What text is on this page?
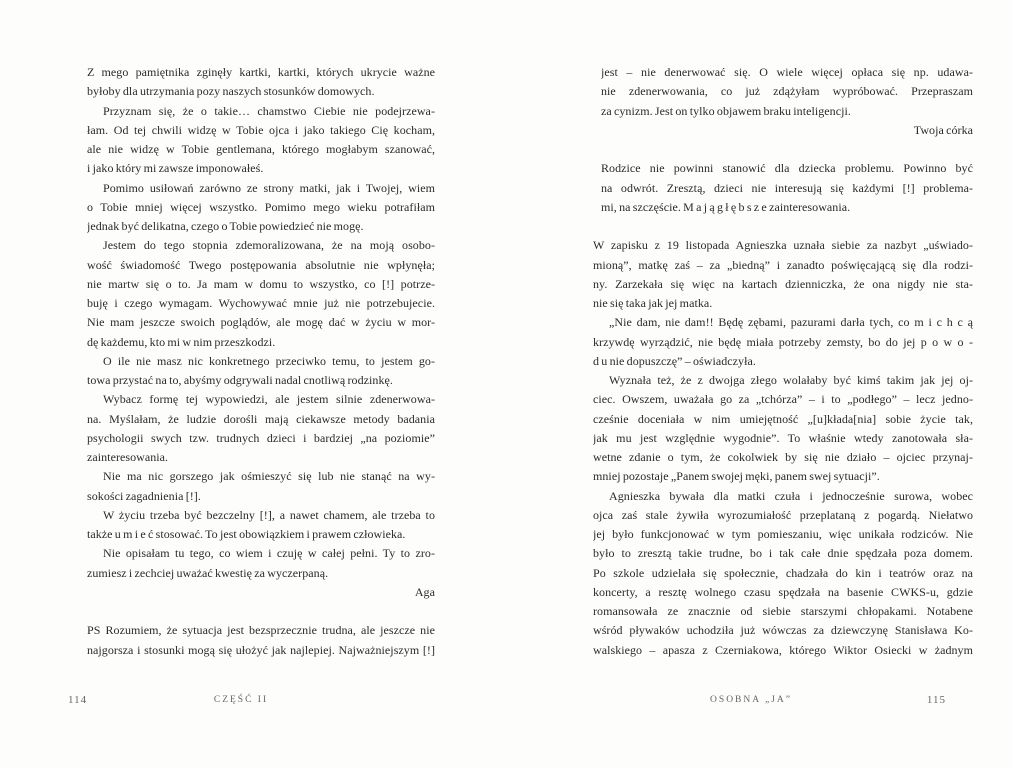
Z mego pamiętnika zginęły kartki, kartki, których ukrycie ważne
byłoby dla utrzymania pozy naszych stosunków domowych.
Przyznam się, że o takie… chamstwo Ciebie nie podejrzewa-
łam. Od tej chwili widzę w Tobie ojca i jako takiego Cię kocham,
ale nie widzę w Tobie gentlemana, którego mogłabym szanować,
i jako który mi zawsze imponowałeś.
Pomimo usiłowań zarówno ze strony matki, jak i Twojej, wiem
o Tobie mniej więcej wszystko. Pomimo mego wieku potrafiłam
jednak być delikatna, czego o Tobie powiedzieć nie mogę.
Jestem do tego stopnia zdemoralizowana, że na moją osobo-
wość świadomość Twego postępowania absolutnie nie wpłynęła;
nie martw się o to. Ja mam w domu to wszystko, co [!] potrze-
buję i czego wymagam. Wychowywać mnie już nie potrzebujecie.
Nie mam jeszcze swoich poglądów, ale mogę dać w życiu w mor-
dę każdemu, kto mi w nim przeszkodzi.
O ile nie masz nic konkretnego przeciwko temu, to jestem go-
towa przystać na to, abyśmy odgrywali nadal cnotliwą rodzinkę.
Wybacz formę tej wypowiedzi, ale jestem silnie zdenerwowa-
na. Myślałam, że ludzie dorośli mają ciekawsze metody badania
psychologii swych tzw. trudnych dzieci i bardziej „na poziomie”
zainteresowania.
Nie ma nic gorszego jak ośmieszyć się lub nie stanąć na wy-
sokości zagadnienia [!].
W życiu trzeba być bezczelny [!], a nawet chamem, ale trzeba to
także u m i e ć stosować. To jest obowiązkiem i prawem człowieka.
Nie opisałam tu tego, co wiem i czuję w całej pełni. Ty to zro-
zumiesz i zechciej uważać kwestię za wyczerpaną.
Aga
PS Rozumiem, że sytuacja jest bezsprzecznie trudna, ale jeszcze nie
najgorsza i stosunki mogą się ułożyć jak najlepiej. Najważniejszym [!]
jest – nie denerwować się. O wiele więcej opłaca się np. udawa-
nie zdenerwowania, co już zdążyłam wypróbować. Przepraszam
za cynizm. Jest on tylko objawem braku inteligencji.
Twoja córka
Rodzice nie powinni stanowić dla dziecka problemu. Powinno być
na odwrót. Zresztą, dzieci nie interesują się każdymi [!] problema-
mi, na szczęście. M a j ą g ł ę b s z e zainteresowania.
W zapisku z 19 listopada Agnieszka uznała siebie za nazbyt „uświado-
mioną”, matkę zaś – za „biedną” i zanadto poświęcającą się dla rodzi-
ny. Zarzekała się więc na kartach dzienniczka, że ona nigdy nie sta-
nie się taka jak jej matka.
„Nie dam, nie dam!! Będę zębami, pazurami darła tych, co m i c h c ą
krzywdę wyrządzić, nie będę miała potrzeby zemsty, bo do jej p o w o -
d u nie dopuszczę” – oświadczyła.
Wyznała też, że z dwojga złego wolałaby być kimś takim jak jej oj-
ciec. Owszem, uważała go za „tchórza” – i to „podłego” – lecz jedno-
cześnie doceniała w nim umiejętność „[u]kłada[nia] sobie życie tak,
jak mu jest względnie wygodnie”. To właśnie wtedy zanotowała sła-
wetne zdanie o tym, że cokolwiek by się nie działo – ojciec przynaj-
mniej pozostaje „Panem swojej męki, panem swej sytuacji”.
Agnieszka bywała dla matki czuła i jednocześnie surowa, wobec
ojca zaś stale żywiła wyrozumiałość przeplataną z pogardą. Niełatwo
jej było funkcjonować w tym pomieszaniu, więc unikała rodziców. Nie
było to zresztą takie trudne, bo i tak całe dnie spędzała poza domem.
Po szkole udzielała się społecznie, chadzała do kin i teatrów oraz na
koncerty, a resztę wolnego czasu spędzała na basenie CWKS-u, gdzie
romansowała ze znacznie od siebie starszymi chłopakami. Notabene
wśród pływaków uchodziła już wówczas za dziewczynę Stanisława Ko-
walskiego – apasza z Czerniakowa, którego Wiktor Osiecki w żadnym
114	CZĘŚĆ II	OSOBNA „JA”	115
